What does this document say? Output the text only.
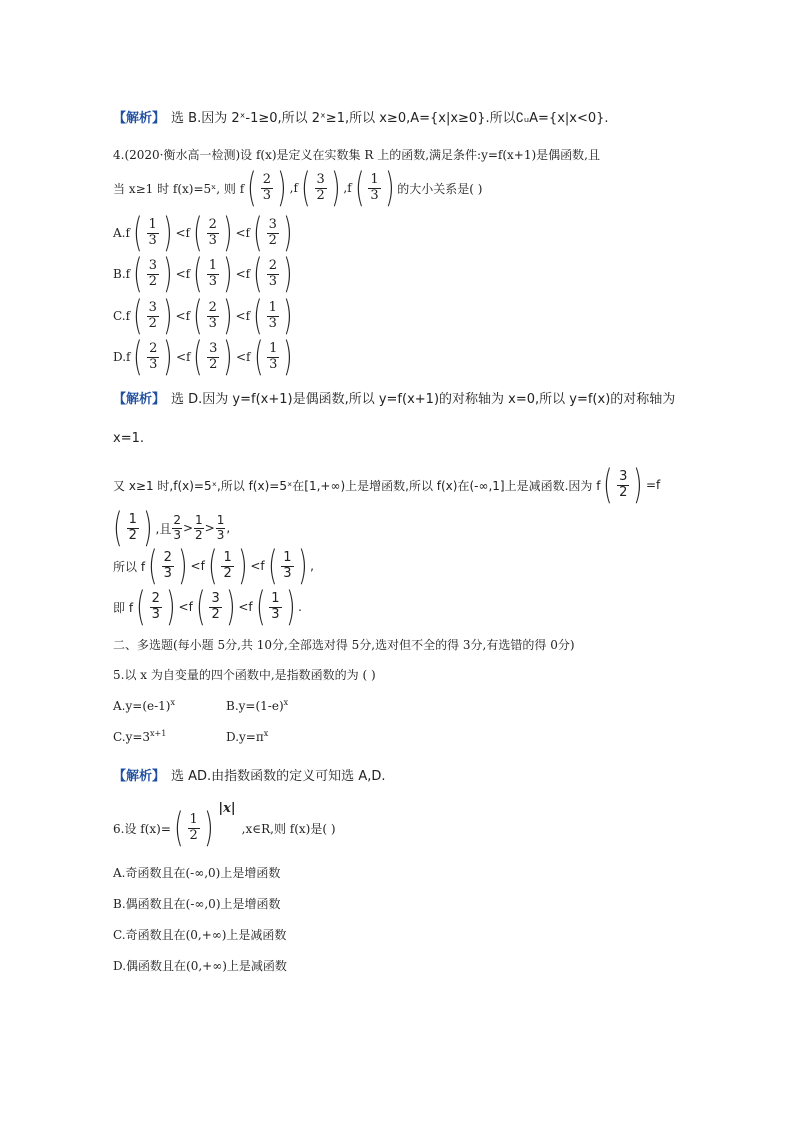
【解析】 选 B.因为 2ˣ-1≥0,所以 2ˣ≥1,所以 x≥0,A={x|x≥0}.所以∁ᵤA={x|x<0}.
4.(2020·衡水高一检测)设 f(x)是定义在实数集 R 上的函数,满足条件:y=f(x+1)是偶函数,且
当 x≥1 时 f(x)=5ˣ, 则 f ( $\frac{2}{3}$ ) , f ( $\frac{3}{2}$ ) , f ( $\frac{1}{3}$ ) 的大小关系是( )
A. f ( $\frac{1}{3}$ ) < f ( $\frac{2}{3}$ ) < f ( $\frac{3}{2}$ )
B. f ( $\frac{3}{2}$ ) < f ( $\frac{1}{3}$ ) < f ( $\frac{2}{3}$ )
C. f ( $\frac{3}{2}$ ) < f ( $\frac{2}{3}$ ) < f ( $\frac{1}{3}$ )
D. f ( $\frac{2}{3}$ ) < f ( $\frac{3}{2}$ ) < f ( $\frac{1}{3}$ )
【解析】 选 D.因为 y=f(x+1)是偶函数,所以 y=f(x+1)的对称轴为 x=0,所以 y=f(x)的对称轴为
x=1.
又 x≥1 时,f(x)=5ˣ,所以 f(x)=5ˣ在[1,+∞)上是增函数,所以 f(x)在(-∞,1]上是减函数.因为 f ( $\frac{3}{2}$ ) =f
( $\frac{1}{2}$ ) ,且 $\frac{2}{3} > \frac{1}{2} > \frac{1}{3}$ ,
所以 f ( $\frac{2}{3}$ ) < f ( $\frac{1}{2}$ ) < f ( $\frac{1}{3}$ ) ,
即 f ( $\frac{2}{3}$ ) < f ( $\frac{3}{2}$ ) < f ( $\frac{1}{3}$ ) .
二、多选题(每小题 5分,共 10分,全部选对得 5分,选对但不全的得 3分,有选错的得 0分)
5.以 x 为自变量的四个函数中,是指数函数的为 ( )
$A.y=(e-1)^x$	$B.y=(1-e)^x$
$C.y=3^{x+1}$	$D.y=\pi^x$
【解析】 选 AD.由指数函数的定义可知选 A,D.
6.设 f(x)= ( $\frac{1}{2}$ ) |x|
,x∈R,则 f(x)是( )
A.奇函数且在(-∞,0)上是增函数
B.偶函数且在(-∞,0)上是增函数
C.奇函数且在(0,+∞)上是减函数
D.偶函数且在(0,+∞)上是减函数
